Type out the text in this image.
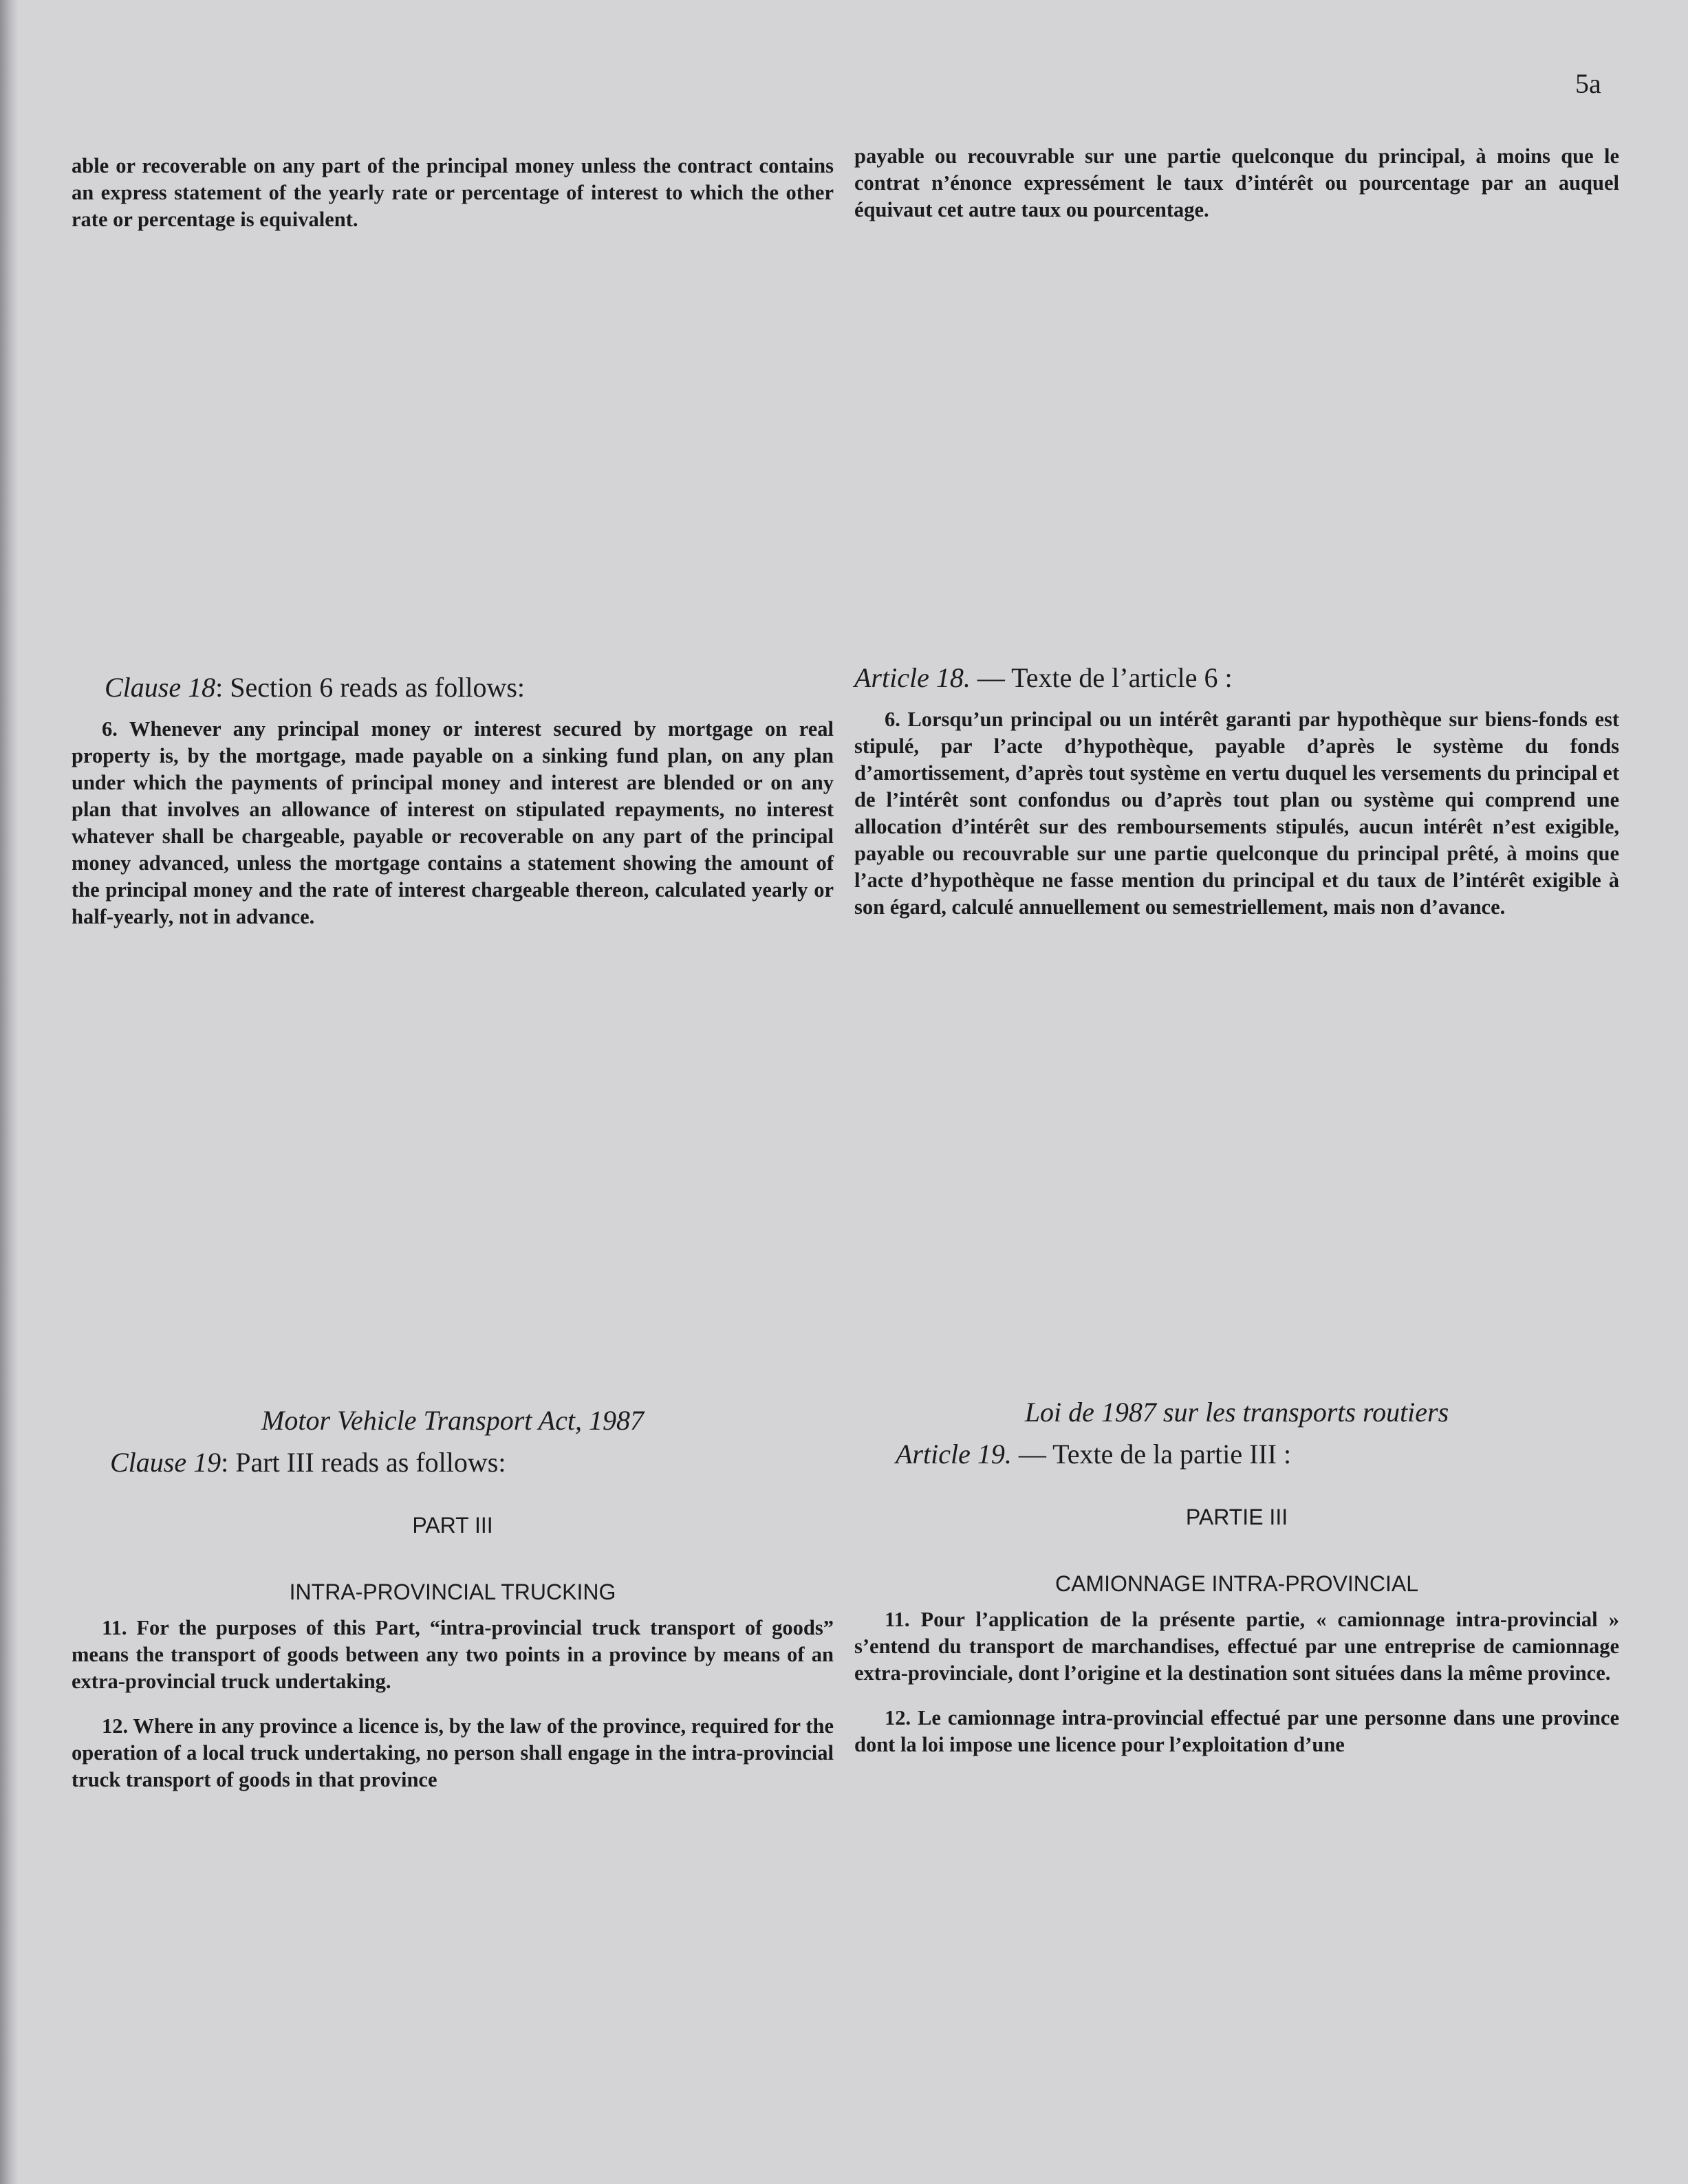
5a

able or recoverable on any part of the principal money unless the contract contains an express statement of the yearly rate or percentage of interest to which the other rate or percentage is equivalent.

payable ou recouvrable sur une partie quelconque du principal, à moins que le contrat n’énonce expressément le taux d’intérêt ou pourcentage par an auquel équivaut cet autre taux ou pourcentage.

Clause 18: Section 6 reads as follows:

6. Whenever any principal money or interest secured by mortgage on real property is, by the mortgage, made payable on a sinking fund plan, on any plan under which the payments of principal money and interest are blended or on any plan that involves an allowance of interest on stipulated repayments, no interest whatever shall be chargeable, payable or recoverable on any part of the principal money advanced, unless the mortgage contains a statement showing the amount of the principal money and the rate of interest chargeable thereon, calculated yearly or half-yearly, not in advance.

Article 18. — Texte de l’article 6 :

6. Lorsqu’un principal ou un intérêt garanti par hypothèque sur biens-fonds est stipulé, par l’acte d’hypothèque, payable d’après le système du fonds d’amortissement, d’après tout système en vertu duquel les versements du principal et de l’intérêt sont confondus ou d’après tout plan ou système qui comprend une allocation d’intérêt sur des remboursements stipulés, aucun intérêt n’est exigible, payable ou recouvrable sur une partie quelconque du principal prêté, à moins que l’acte d’hypothèque ne fasse mention du principal et du taux de l’intérêt exigible à son égard, calculé annuellement ou semestriellement, mais non d’avance.

Motor Vehicle Transport Act, 1987

Clause 19: Part III reads as follows:

PART III

INTRA-PROVINCIAL TRUCKING

11. For the purposes of this Part, “intra-provincial truck transport of goods” means the transport of goods between any two points in a province by means of an extra-provincial truck undertaking.

12. Where in any province a licence is, by the law of the province, required for the operation of a local truck undertaking, no person shall engage in the intra-provincial truck transport of goods in that province

Loi de 1987 sur les transports routiers

Article 19. — Texte de la partie III :

PARTIE III

CAMIONNAGE INTRA-PROVINCIAL

11. Pour l’application de la présente partie, « camionnage intra-provincial » s’entend du transport de marchandises, effectué par une entreprise de camionnage extra-provinciale, dont l’origine et la destination sont situées dans la même province.

12. Le camionnage intra-provincial effectué par une personne dans une province dont la loi impose une licence pour l’exploitation d’une
